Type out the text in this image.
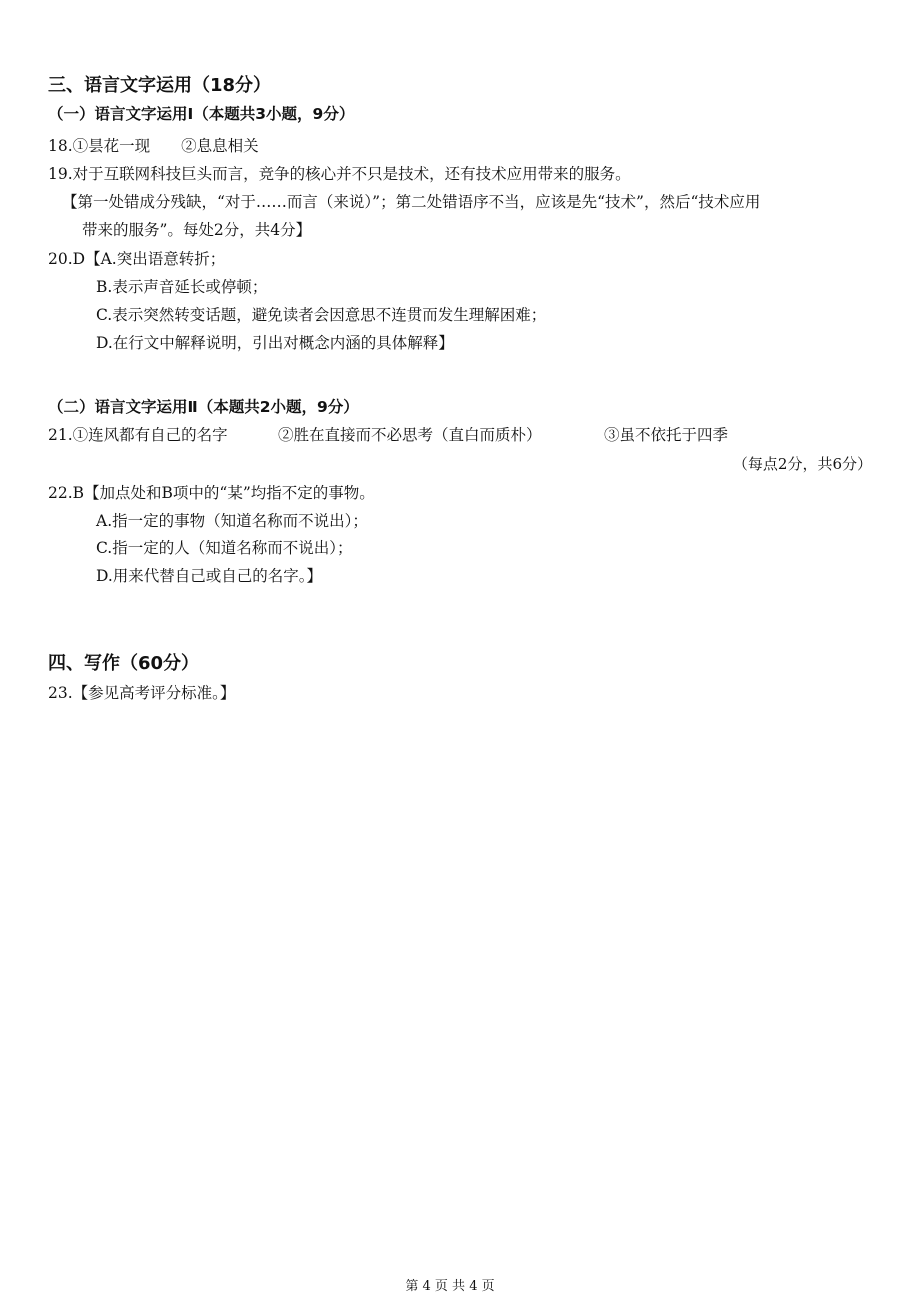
三、语言文字运用（18分）
（一）语言文字运用Ⅰ（本题共3小题，9分）
18.①昙花一现　　②息息相关
19.对于互联网科技巨头而言，竞争的核心并不只是技术，还有技术应用带来的服务。
【第一处错成分残缺，“对于……而言（来说）”；第二处错语序不当，应该是先“技术”，然后“技术应用
带来的服务”。每处2分，共4分】
20.D【A.突出语意转折；
B.表示声音延长或停顿；
C.表示突然转变话题，避免读者会因意思不连贯而发生理解困难；
D.在行文中解释说明，引出对概念内涵的具体解释】
（二）语言文字运用Ⅱ（本题共2小题，9分）
21.①连风都有自己的名字	②胜在直接而不必思考（直白而质朴）	③虽不依托于四季
（每点2分，共6分）
22.B【加点处和B项中的“某”均指不定的事物。
A.指一定的事物（知道名称而不说出）；
C.指一定的人（知道名称而不说出）；
D.用来代替自己或自己的名字。】
四、写作（60分）
23.【参见高考评分标准。】
第 4 页 共 4 页
